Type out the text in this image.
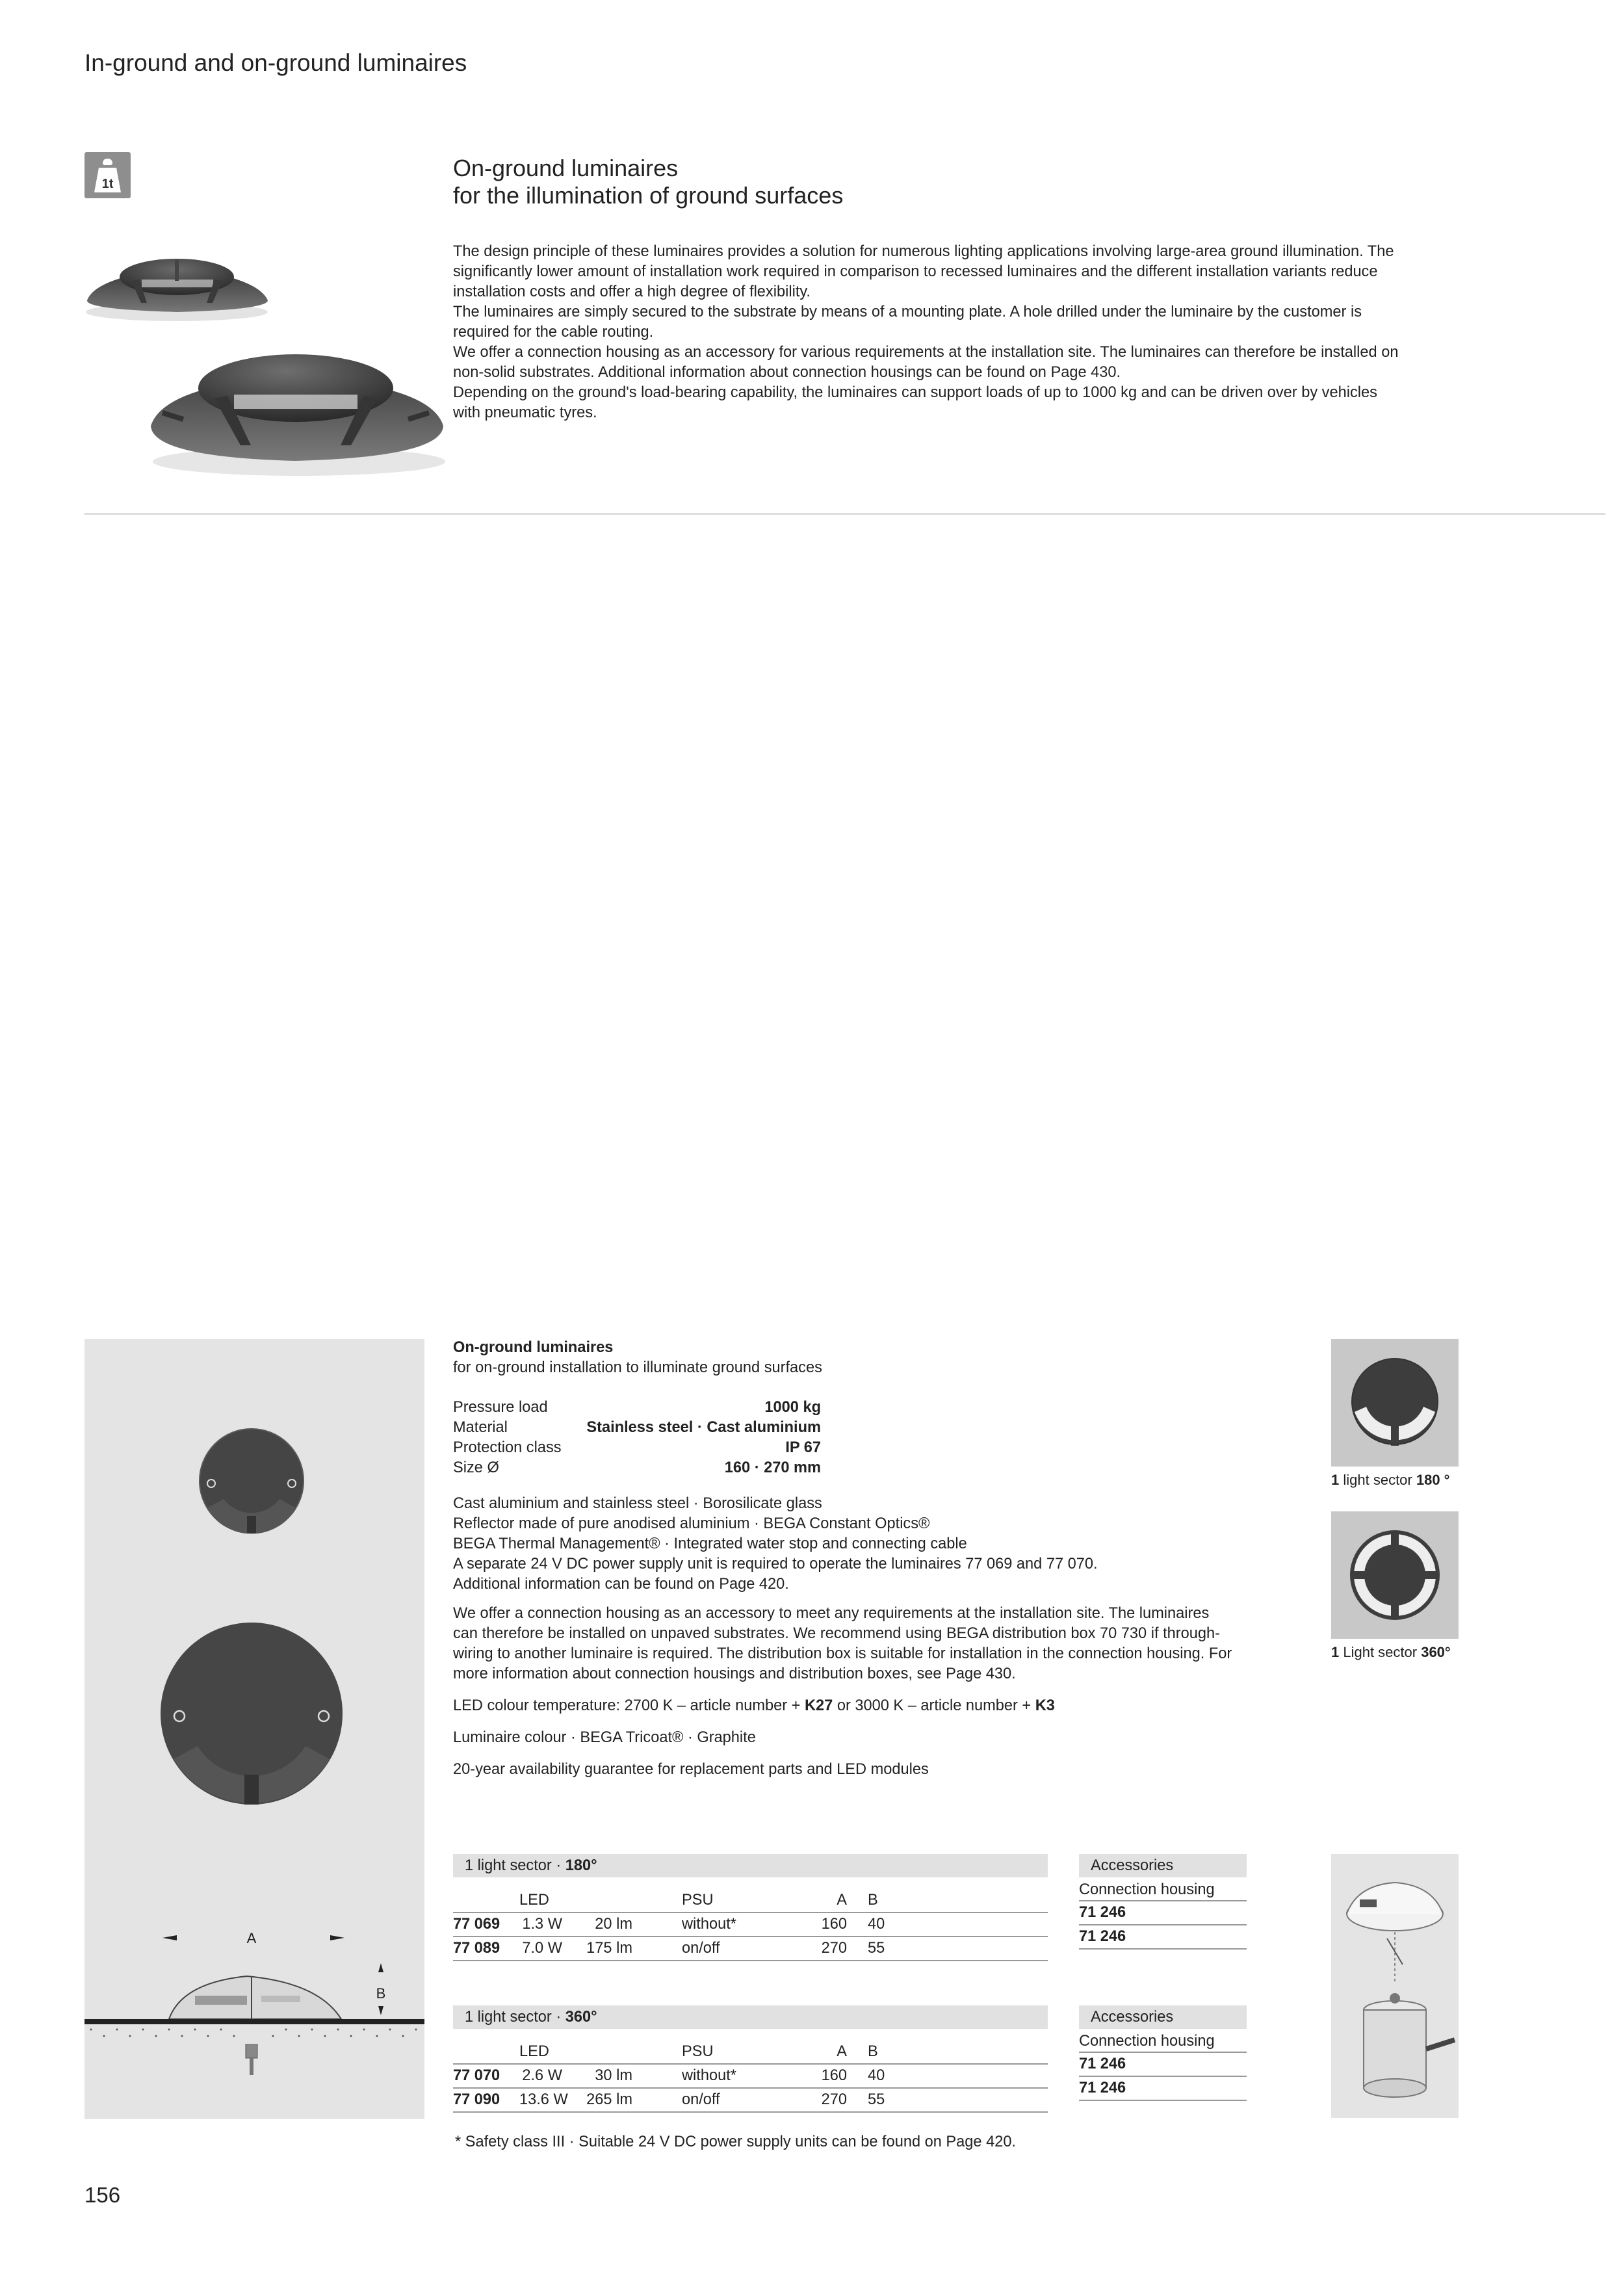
In-ground and on-ground luminaires
1t
On-ground luminaires
for the illumination of ground surfaces

The design principle of these luminaires provides a solution for numerous lighting applications involving large-area ground illumination. The significantly lower amount of installation work required in comparison to recessed luminaires and the different installation variants reduce installation costs and offer a high degree of flexibility.

The luminaires are simply secured to the substrate by means of a mounting plate. A hole drilled under the luminaire by the customer is required for the cable routing.

We offer a connection housing as an accessory for various requirements at the installation site. The luminaires can therefore be installed on non-solid substrates. Additional information about connection housings can be found on Page 430.

Depending on the ground's load-bearing capability, the luminaires can support loads of up to 1000 kg and can be driven over by vehicles with pneumatic tyres.

A
B

On-ground luminaires

for on-ground installation to illuminate ground surfaces

Pressure load	1000 kg
Material	Stainless steel · Cast aluminium
Protection class	IP 67
Size Ø	160 · 270 mm

Cast aluminium and stainless steel · Borosilicate glass

Reflector made of pure anodised aluminium · BEGA Constant Optics®

BEGA Thermal Management® · Integrated water stop and connecting cable

A separate 24 V DC power supply unit is required to operate the luminaires 77 069 and 77 070.

Additional information can be found on Page 420.

We offer a connection housing as an accessory to meet any requirements at the installation site. The luminaires can therefore be installed on unpaved substrates. We recommend using BEGA distribution box 70 730 if through-wiring to another luminaire is required. The distribution box is suitable for installation in the connection housing. For more information about connection housings and distribution boxes, see Page 430.

LED colour temperature: 2700 K – article number + K27 or 3000 K – article number + K3

Luminaire colour · BEGA Tricoat® · Graphite

20-year availability guarantee for replacement parts and LED modules

1 light sector 180 °
1 Light sector 360°
1 light sector · 180°
LED	PSU	A B
77 069 1.3 W	20 lm	without*	160 40
77 089 7.0 W 175 lm	on/off	270 55
Accessories
Connection housing
71 246
71 246
1 light sector · 360°
LED	PSU	A B
77 070 2.6 W	30 lm	without*	160 40
77 090 13.6 W 265 lm	on/off	270 55
Accessories
Connection housing
71 246
71 246
* Safety class III · Suitable 24 V DC power supply units can be found on Page 420.
156
